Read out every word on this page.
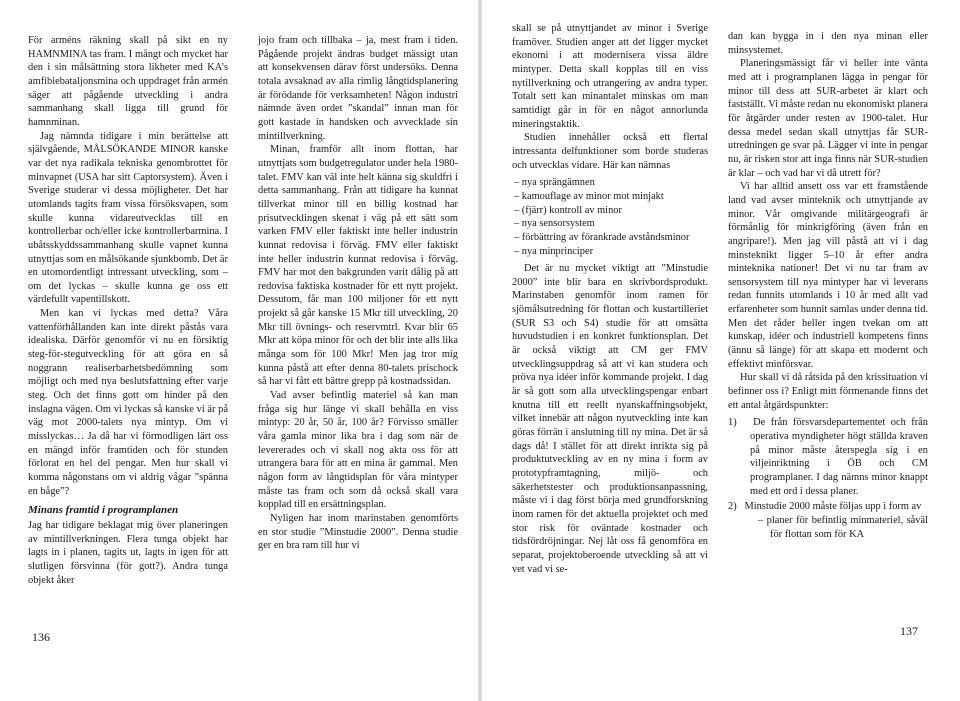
För arméns räkning skall på sikt en ny HAMNMINA tas fram. I mångt och mycket har den i sin målsättning stora likheter med KA’s amfibiebataljonsmina och uppdraget från armén säger att pågående utveckling i andra sammanhang skall ligga till grund för hamnminan.

Jag nämnda tidigare i min berättelse att självgående, MÅLSÖKANDE MINOR kanske var det nya radikala tekniska genombrottet för minvapnet (USA har sitt Captorsystem). Även i Sverige studerar vi dessa möjligheter. Det har utomlands tagits fram vissa försöksvapen, som skulle kunna vidareutvecklas till en kontrollerbar och/eller icke kontrollerbarmina. I ubåtsskyddssammanhang skulle vapnet kunna utnyttjas som en målsökande sjunkbomb. Det är en utomordentligt intressant utveckling, som – om det lyckas – skulle kunna ge oss ett värdefullt vapentillskott.

Men kan vi lyckas med detta? Våra vattenförhållanden kan inte direkt påstås vara idealiska. Därför genomför vi nu en försiktig steg-för-stegutveckling för att göra en så noggrann realiserbarhetsbedömning som möjligt och med nya beslutsfattning efter varje steg. Och det finns gott om hinder på den inslagna vägen. Om vi lyckas så kanske vi är på väg mot 2000-talets nya mintyp. Om vi misslyckas… Ja då har vi förmodligen lärt oss en mängd inför framtiden och för stunden förlorat en hel del pengar. Men hur skall vi komma någonstans om vi aldrig vågar ”spänna en båge”?

Minans framtid i programplanen

Jag har tidigare beklagat mig över planeringen av mintillverkningen. Flera tunga objekt har lagts in i planen, tagits ut, lagts in igen för att slutligen försvinna (för gott?). Andra tunga objekt åker

jojo fram och tillbaka – ja, mest fram i tiden. Pågående projekt ändras budget mässigt utan att konsekvensen därav först undersöks. Denna totala avsaknad av alla rimlig långtidsplanering är förödande för verksamheten! Någon industri nämnde även ordet ”skandal” innan man för gott kastade in handsken och avvecklade sin mintillverkning.

Minan, framför allt inom flottan, har utnyttjats som budgetregulator under hela 1980-talet. FMV kan väl inte helt känna sig skuldfri i detta sammanhang. Från att tidigare ha kunnat tillverkat minor till en billig kostnad har prisutvecklingen skenat i väg på ett sätt som varken FMV eller faktiskt inte heller industrin kunnat redovisa i förväg. FMV eller faktiskt inte heller industrin kunnat redovisa i förväg. FMV har mot den bakgrunden varit dålig på att redovisa faktiska kostnader för ett nytt projekt. Dessutom, får man 100 miljoner för ett nytt projekt så går kanske 15 Mkr till utveckling, 20 Mkr till övnings- och reservmtrl. Kvar blir 65 Mkr att köpa minor för och det blir inte alls lika många som för 100 Mkr! Men jag tror mig kunna påstå att efter denna 80-talets prischock så har vi fått ett bättre grepp på kostnadssidan.

Vad avser befintlig materiel så kan man fråga sig hur länge vi skall behålla en viss mintyp: 20 år, 50 år, 100 år? Förvisso smäller våra gamla minor lika bra i dag som när de levererades och vi skall nog akta oss för att utrangera bara för att en mina är gammal. Men någon form av långtidsplan för våra mintyper måste tas fram och som då också skall vara kopplad till en ersättningsplan.

Nyligen har inom marinstaben genomförts en stor studie ”Minstudie 2000”. Denna studie ger en bra ram till hur vi

136

skall se på utnyttjandet av minor i Sverige framöver. Studien anger att det ligger mycket ekonomi i att modernisera vissa äldre mintyper. Detta skall kopplas till en viss nytillverkning och utrangering av andra typer. Totalt sett kan minantalet minskas om man samtidigt går in för en något annorlunda mineringstaktik.

Studien innehåller också ett flertal intressanta delfunktioner som borde studeras och utvecklas vidare. Här kan nämnas

– nya sprängämnen
– kamouflage av minor mot minjakt
– (fjärr) kontroll av minor
– nya sensorsystem
– förbättring av förankrade avståndsminor
– nya minprinciper

Det är nu mycket viktigt att ”Minstudie 2000” inte blir bara en skrivbordsprodukt. Marinstaben genomför inom ramen för sjömålsutredning för flottan och kustartilleriet (SUR S3 och S4) studie för att omsätta huvudstudien i en konkret funktionsplan. Det är också viktigt att CM ger FMV utvecklingsuppdrag så att vi kan studera och pröva nya idéer inför kommande projekt. I dag är så gott som alla utvecklingspengar enbart knutna till ett reellt nyanskaffningsobjekt, vilket innebär att någon nyutveckling inte kan göras förrän i anslutning till ny mina. Det är så dags då! I stället för att direkt inrikta sig på produktutveckling av en ny mina i form av prototypframtagning, miljö- och säkerhetstester och produktionsanpassning, måste vi i dag först börja med grundforskning inom ramen för det aktuella projektet och med stor risk för oväntade kostnader och tidsfördröjningar. Nej låt oss få genomföra en separat, projektoberoende utveckling så att vi vet vad vi se-

dan kan bygga in i den nya minan eller minsystemet.

Planeringsmässigt får vi heller inte vänta med att i programplanen lägga in pengar för minor till dess att SUR-arbetet är klart och fastställt. Vi måste redan nu ekonomiskt planera för åtgärder under resten av 1900-talet. Hur dessa medel sedan skall utnyttjas får SUR-utredningen ge svar på. Lägger vi inte in pengar nu, är risken stor att inga finns när SUR-studien är klar – och vad har vi då utrett för?

Vi har alltid ansett oss var ett framstående land vad avser minteknik och utnyttjande av minor. Vår omgivande militärgeografi är förmånlig för minkrigföring (även från en angripare!). Men jag vill påstå att vi i dag minsteknikt ligger 5–10 år efter andra minteknika nationer! Det vi nu tar fram av sensorsystem till nya mintyper har vi leverans redan funnits utomlands i 10 år med allt vad erfarenheter som hunnit samlas under denna tid. Men det råder heller ingen tvekan om att kunskap, idéer och industriell kompetens finns (ännu så länge) för att skapa ett modernt och effektivt minförsvar.

Hur skall vi då råtsida på den krissituation vi befinner oss i? Enligt mitt förmenande finns det ett antal åtgärdspunkter:

1) De från försvarsdepartementet och från operativa myndigheter högt ställda kraven på minor måste återspegla sig i en viljeinriktning i ÖB och CM programplaner. I dag nämns minor knappt med ett ord i dessa planer.
2) Minstudie 2000 måste följas upp i form av
– planer för befintlig minmateriel, såväl för flottan som för KA
137
